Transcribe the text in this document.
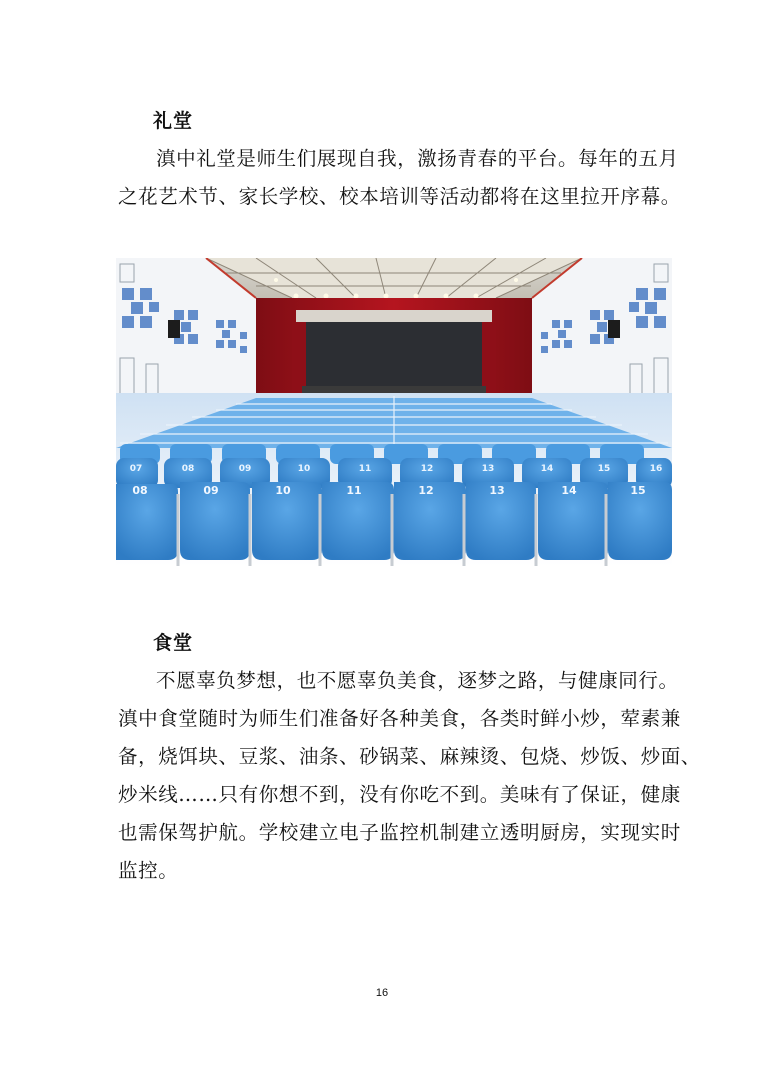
礼堂
滇中礼堂是师生们展现自我，激扬青春的平台。每年的五月
之花艺术节、家长学校、校本培训等活动都将在这里拉开序幕。
07	08	09	10	11	12	13	14	15	16
08	09	10	11	12	13	14	15
食堂
不愿辜负梦想，也不愿辜负美食，逐梦之路，与健康同行。
滇中食堂随时为师生们准备好各种美食，各类时鲜小炒，荤素兼
备，烧饵块、豆浆、油条、砂锅菜、麻辣烫、包烧、炒饭、炒面、
炒米线……只有你想不到，没有你吃不到。美味有了保证，健康
也需保驾护航。学校建立电子监控机制建立透明厨房，实现实时
监控。
16
